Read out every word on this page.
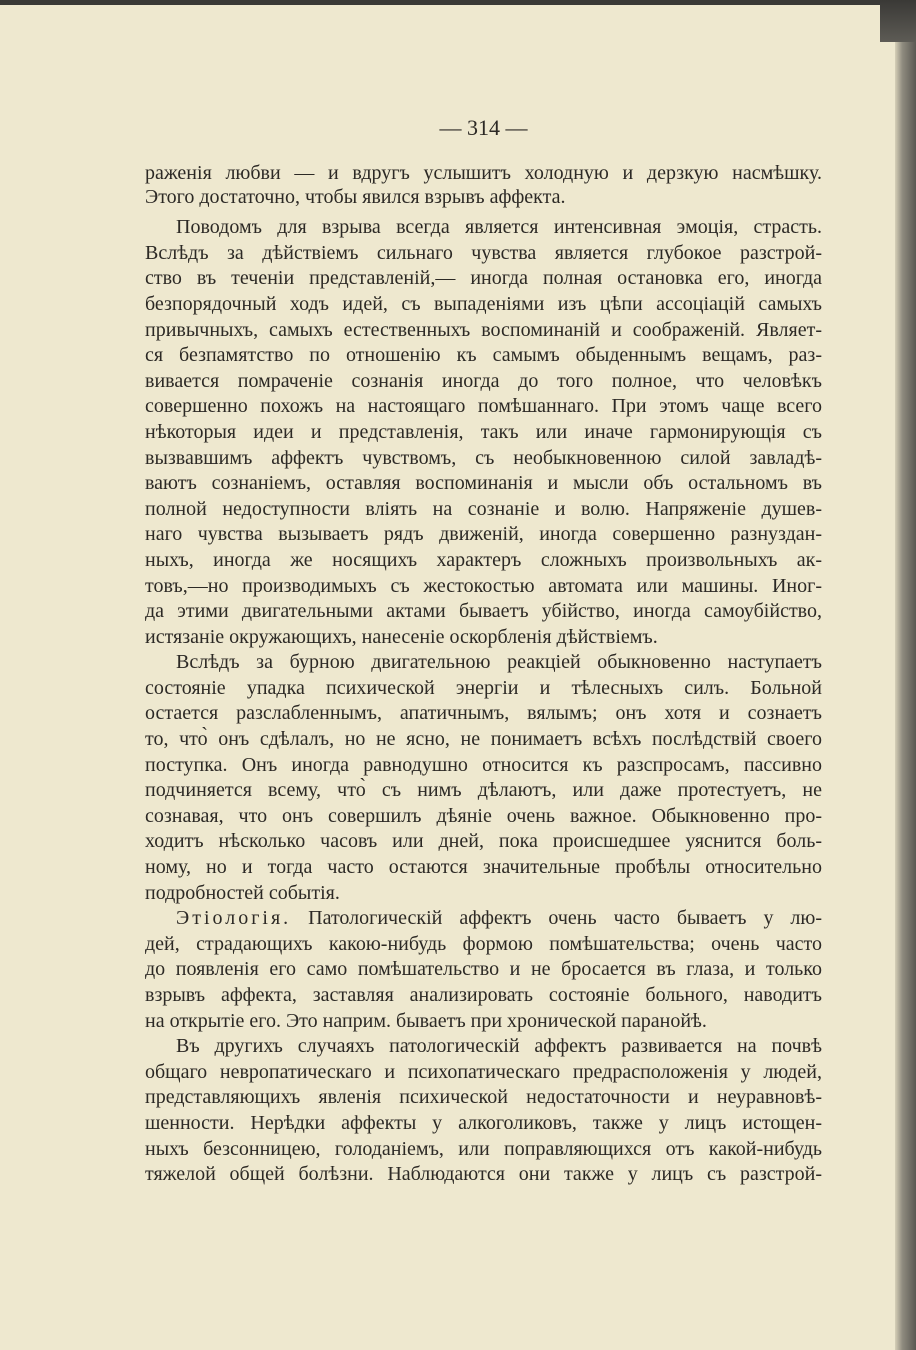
— 314 —
раженія любви — и вдругъ услышитъ холодную и дерзкую насмѣшку.
Этого достаточно, чтобы явился взрывъ аффекта.
Поводомъ для взрыва всегда является интенсивная эмоція, страсть.
Вслѣдъ за дѣйствіемъ сильнаго чувства является глубокое разстрой-
ство въ теченіи представленій,— иногда полная остановка его, иногда
безпорядочный ходъ идей, съ выпаденіями изъ цѣпи ассоціацій самыхъ
привычныхъ, самыхъ естественныхъ воспоминаній и соображеній. Являет-
ся безпамятство по отношенію къ самымъ обыденнымъ вещамъ, раз-
вивается помраченіе сознанія иногда до того полное, что человѣкъ
совершенно похожъ на настоящаго помѣшаннаго. При этомъ чаще всего
нѣкоторыя идеи и представленія, такъ или иначе гармонирующія съ
вызвавшимъ аффектъ чувствомъ, съ необыкновенною силой завладѣ-
ваютъ сознаніемъ, оставляя воспоминанія и мысли объ остальномъ въ
полной недоступности вліять на сознаніе и волю. Напряженіе душев-
наго чувства вызываетъ рядъ движеній, иногда совершенно разнуздан-
ныхъ, иногда же носящихъ характеръ сложныхъ произвольныхъ ак-
товъ,—но производимыхъ съ жестокостью автомата или машины. Иног-
да этими двигательными актами бываетъ убійство, иногда самоубійство,
истязаніе окружающихъ, нанесеніе оскорбленія дѣйствіемъ.
Вслѣдъ за бурною двигательною реакціей обыкновенно наступаетъ
состояніе упадка психической энергіи и тѣлесныхъ силъ. Больной
остается разслабленнымъ, апатичнымъ, вялымъ; онъ хотя и сознаетъ
то, что̀ онъ сдѣлалъ, но не ясно, не понимаетъ всѣхъ послѣдствій своего
поступка. Онъ иногда равнодушно относится къ разспросамъ, пассивно
подчиняется всему, что̀ съ нимъ дѣлаютъ, или даже протестуетъ, не
сознавая, что онъ совершилъ дѣяніе очень важное. Обыкновенно про-
ходитъ нѣсколько часовъ или дней, пока происшедшее уяснится боль-
ному, но и тогда часто остаются значительные пробѣлы относительно
подробностей событія.
Этіологія. Патологическій аффектъ очень часто бываетъ у лю-
дей, страдающихъ какою-нибудь формою помѣшательства; очень часто
до появленія его само помѣшательство и не бросается въ глаза, и только
взрывъ аффекта, заставляя анализировать состояніе больного, наводитъ
на открытіе его. Это наприм. бываетъ при хронической паранойѣ.
Въ другихъ случаяхъ патологическій аффектъ развивается на почвѣ
общаго невропатическаго и психопатическаго предрасположенія у людей,
представляющихъ явленія психической недостаточности и неуравновѣ-
шенности. Нерѣдки аффекты у алкоголиковъ, также у лицъ истощен-
ныхъ безсонницею, голоданіемъ, или поправляющихся отъ какой-нибудь
тяжелой общей болѣзни. Наблюдаются они также у лицъ съ разстрой-
